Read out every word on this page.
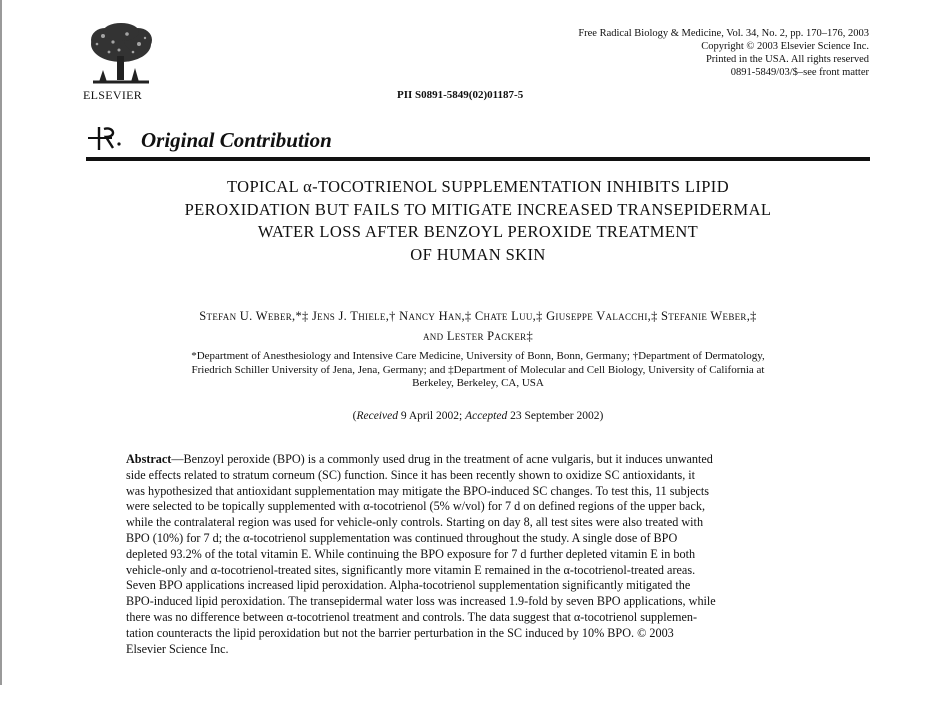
ELSEVIER
Free Radical Biology & Medicine, Vol. 34, No. 2, pp. 170–176, 2003
Copyright © 2003 Elsevier Science Inc.
Printed in the USA. All rights reserved
0891-5849/03/$–see front matter
PII S0891-5849(02)01187-5
Original Contribution
TOPICAL α-TOCOTRIENOL SUPPLEMENTATION INHIBITS LIPID
PEROXIDATION BUT FAILS TO MITIGATE INCREASED TRANSEPIDERMAL
WATER LOSS AFTER BENZOYL PEROXIDE TREATMENT
OF HUMAN SKIN
Stefan U. Weber,*‡ Jens J. Thiele,† Nancy Han,‡ Chate Luu,‡ Giuseppe Valacchi,‡ Stefanie Weber,‡
and Lester Packer‡
*Department of Anesthesiology and Intensive Care Medicine, University of Bonn, Bonn, Germany; †Department of Dermatology,
Friedrich Schiller University of Jena, Jena, Germany; and ‡Department of Molecular and Cell Biology, University of California at
Berkeley, Berkeley, CA, USA
(Received 9 April 2002; Accepted 23 September 2002)
Abstract—Benzoyl peroxide (BPO) is a commonly used drug in the treatment of acne vulgaris, but it induces unwanted
side effects related to stratum corneum (SC) function. Since it has been recently shown to oxidize SC antioxidants, it
was hypothesized that antioxidant supplementation may mitigate the BPO-induced SC changes. To test this, 11 subjects
were selected to be topically supplemented with α-tocotrienol (5% w/vol) for 7 d on defined regions of the upper back,
while the contralateral region was used for vehicle-only controls. Starting on day 8, all test sites were also treated with
BPO (10%) for 7 d; the α-tocotrienol supplementation was continued throughout the study. A single dose of BPO
depleted 93.2% of the total vitamin E. While continuing the BPO exposure for 7 d further depleted vitamin E in both
vehicle-only and α-tocotrienol-treated sites, significantly more vitamin E remained in the α-tocotrienol-treated areas.
Seven BPO applications increased lipid peroxidation. Alpha-tocotrienol supplementation significantly mitigated the
BPO-induced lipid peroxidation. The transepidermal water loss was increased 1.9-fold by seven BPO applications, while
there was no difference between α-tocotrienol treatment and controls. The data suggest that α-tocotrienol supplemen-
tation counteracts the lipid peroxidation but not the barrier perturbation in the SC induced by 10% BPO. © 2003
Elsevier Science Inc.
